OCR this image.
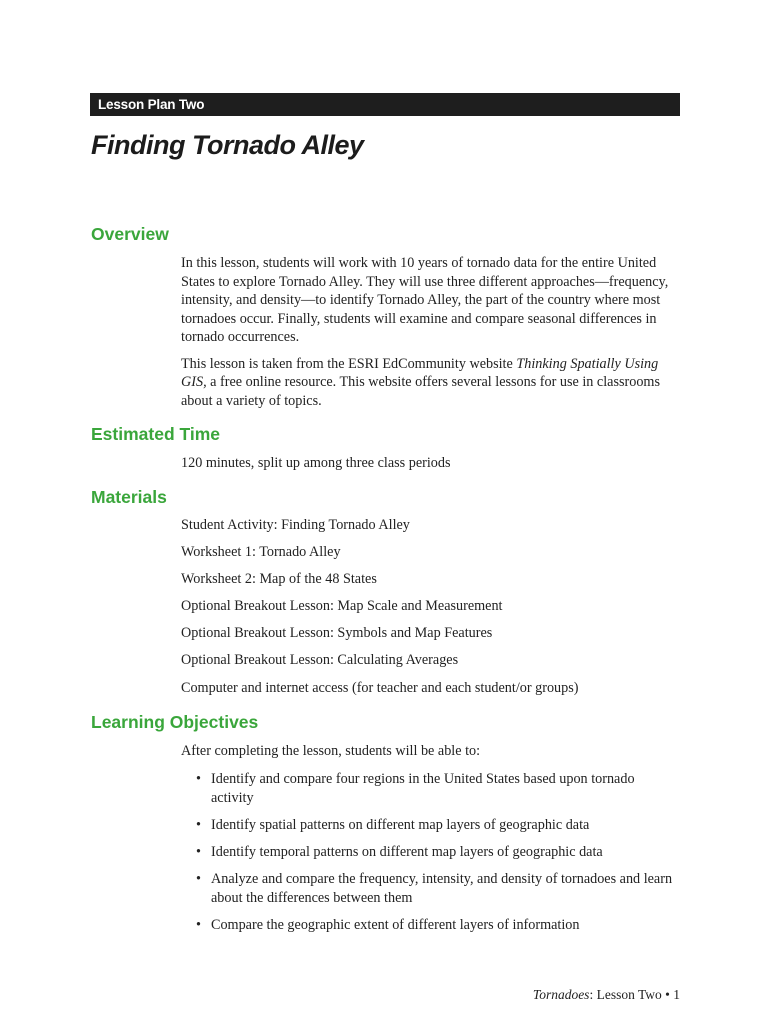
Lesson Plan Two
Finding Tornado Alley
Overview

In this lesson, students will work with 10 years of tornado data for the entire United States to explore Tornado Alley. They will use three different approaches—frequency, intensity, and density—to identify Tornado Alley, the part of the country where most tornadoes occur. Finally, students will examine and compare seasonal differences in tornado occurrences.

This lesson is taken from the ESRI EdCommunity website Thinking Spatially Using GIS, a free online resource. This website offers several lessons for use in classrooms about a variety of topics.

Estimated Time
120 minutes, split up among three class periods
Materials
Student Activity: Finding Tornado Alley
Worksheet 1: Tornado Alley
Worksheet 2: Map of the 48 States
Optional Breakout Lesson: Map Scale and Measurement
Optional Breakout Lesson: Symbols and Map Features
Optional Breakout Lesson: Calculating Averages
Computer and internet access (for teacher and each student/or groups)
Learning Objectives
After completing the lesson, students will be able to:
• Identify and compare four regions in the United States based upon tornado activity
• Identify spatial patterns on different map layers of geographic data
• Identify temporal patterns on different map layers of geographic data
• Analyze and compare the frequency, intensity, and density of tornadoes and learn about the differences between them
• Compare the geographic extent of different layers of information
Tornadoes: Lesson Two • 1
